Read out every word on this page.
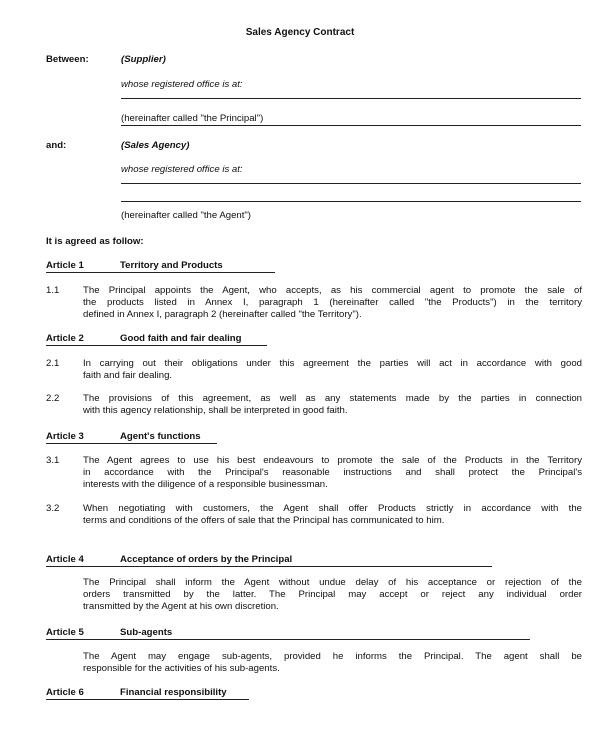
Sales Agency Contract
Between:	(Supplier)
whose registered office is at:
(hereinafter called "the Principal")
and:	(Sales Agency)
whose registered office is at:
(hereinafter called "the Agent")
It is agreed as follow:
Article 1	Territory and Products
1.1 The Principal appoints the Agent, who accepts, as his commercial agent to promote the sale of
the products listed in Annex I, paragraph 1 (hereinafter called "the Products") in the territory
defined in Annex I, paragraph 2 (hereinafter called "the Territory").
Article 2	Good faith and fair dealing
2.1 In carrying out their obligations under this agreement the parties will act in accordance with good
faith and fair dealing.
2.2 The provisions of this agreement, as well as any statements made by the parties in connection
with this agency relationship, shall be interpreted in good faith.
Article 3	Agent's functions
3.1 The Agent agrees to use his best endeavours to promote the sale of the Products in the Territory
in accordance with the Principal's reasonable instructions and shall protect the Principal's
interests with the diligence of a responsible businessman.
3.2 When negotiating with customers, the Agent shall offer Products strictly in accordance with the
terms and conditions of the offers of sale that the Principal has communicated to him.
Article 4	Acceptance of orders by the Principal
The Principal shall inform the Agent without undue delay of his acceptance or rejection of the
orders transmitted by the latter. The Principal may accept or reject any individual order
transmitted by the Agent at his own discretion.
Article 5	Sub-agents
The Agent may engage sub-agents, provided he informs the Principal. The agent shall be
responsible for the activities of his sub-agents.
Article 6	Financial responsibility
